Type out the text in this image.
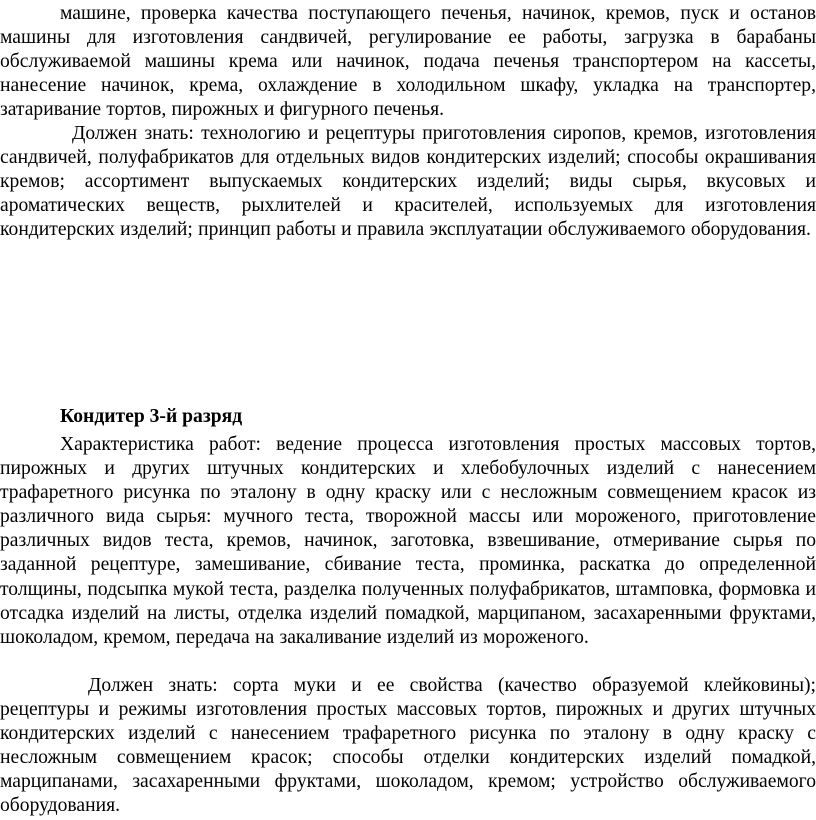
машине, проверка качества поступающего печенья, начинок, кремов, пуск и останов машины для изготовления сандвичей, регулирование ее работы, загрузка в барабаны обслуживаемой машины крема или начинок, подача печенья транспортером на кассеты, нанесение начинок, крема, охлаждение в холодильном шкафу, укладка на транспортер, затаривание тортов, пирожных и фигурного печенья.

Должен знать: технологию и рецептуры приготовления сиропов, кремов, изготовления сандвичей, полуфабрикатов для отдельных видов кондитерских изделий; способы окрашивания кремов; ассортимент выпускаемых кондитерских изделий; виды сырья, вкусовых и ароматических веществ, рыхлителей и красителей, используемых для изготовления кондитерских изделий; принцип работы и правила эксплуатации обслуживаемого оборудования.

Кондитер 3-й разряд

Характеристика работ: ведение процесса изготовления простых массовых тортов, пирожных и других штучных кондитерских и хлебобулочных изделий с нанесением трафаретного рисунка по эталону в одну краску или с несложным совмещением красок из различного вида сырья: мучного теста, творожной массы или мороженого, приготовление различных видов теста, кремов, начинок, заготовка, взвешивание, отмеривание сырья по заданной рецептуре, замешивание, сбивание теста, проминка, раскатка до определенной толщины, подсыпка мукой теста, разделка полученных полуфабрикатов, штамповка, формовка и отсадка изделий на листы, отделка изделий помадкой, марципаном, засахаренными фруктами, шоколадом, кремом, передача на закаливание изделий из мороженого.

Должен знать: сорта муки и ее свойства (качество образуемой клейковины); рецептуры и режимы изготовления простых массовых тортов, пирожных и других штучных кондитерских изделий с нанесением трафаретного рисунка по эталону в одну краску с несложным совмещением красок; способы отделки кондитерских изделий помадкой, марципанами, засахаренными фруктами, шоколадом, кремом; устройство обслуживаемого оборудования.
